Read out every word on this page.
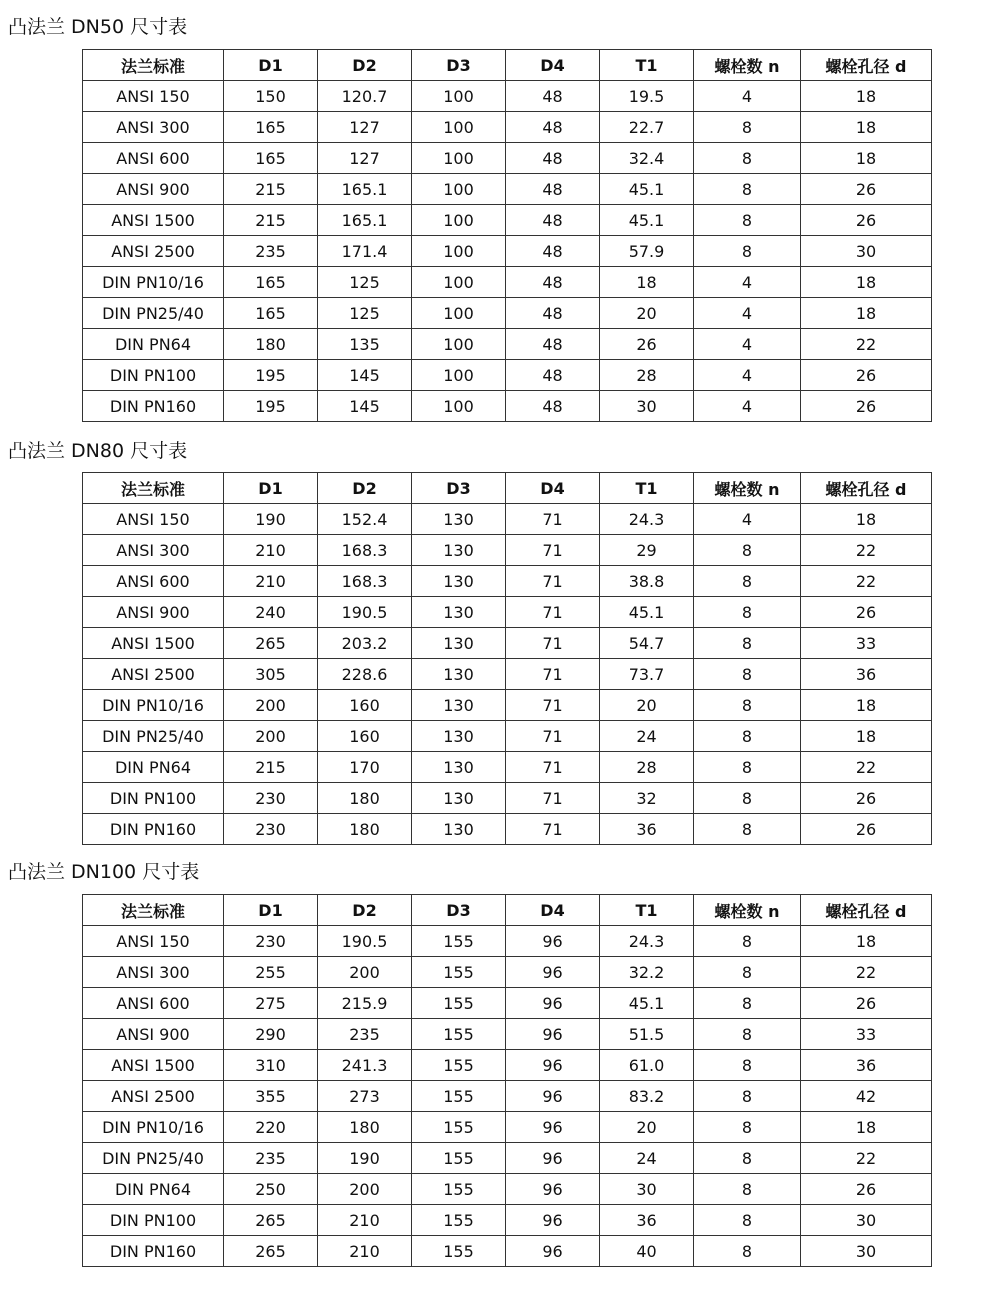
凸法兰 DN50 尺寸表
法兰标准	D1	D2	D3	D4	T1	螺栓数 n	螺栓孔径 d
ANSI 150	150	120.7	100	48	19.5	4	18
ANSI 300	165	127	100	48	22.7	8	18
ANSI 600	165	127	100	48	32.4	8	18
ANSI 900	215	165.1	100	48	45.1	8	26
ANSI 1500	215	165.1	100	48	45.1	8	26
ANSI 2500	235	171.4	100	48	57.9	8	30
DIN PN10/16	165	125	100	48	18	4	18
DIN PN25/40	165	125	100	48	20	4	18
DIN PN64	180	135	100	48	26	4	22
DIN PN100	195	145	100	48	28	4	26
DIN PN160	195	145	100	48	30	4	26
凸法兰 DN80 尺寸表
法兰标准	D1	D2	D3	D4	T1	螺栓数 n	螺栓孔径 d
ANSI 150	190	152.4	130	71	24.3	4	18
ANSI 300	210	168.3	130	71	29	8	22
ANSI 600	210	168.3	130	71	38.8	8	22
ANSI 900	240	190.5	130	71	45.1	8	26
ANSI 1500	265	203.2	130	71	54.7	8	33
ANSI 2500	305	228.6	130	71	73.7	8	36
DIN PN10/16	200	160	130	71	20	8	18
DIN PN25/40	200	160	130	71	24	8	18
DIN PN64	215	170	130	71	28	8	22
DIN PN100	230	180	130	71	32	8	26
DIN PN160	230	180	130	71	36	8	26
凸法兰 DN100 尺寸表
法兰标准	D1	D2	D3	D4	T1	螺栓数 n	螺栓孔径 d
ANSI 150	230	190.5	155	96	24.3	8	18
ANSI 300	255	200	155	96	32.2	8	22
ANSI 600	275	215.9	155	96	45.1	8	26
ANSI 900	290	235	155	96	51.5	8	33
ANSI 1500	310	241.3	155	96	61.0	8	36
ANSI 2500	355	273	155	96	83.2	8	42
DIN PN10/16	220	180	155	96	20	8	18
DIN PN25/40	235	190	155	96	24	8	22
DIN PN64	250	200	155	96	30	8	26
DIN PN100	265	210	155	96	36	8	30
DIN PN160	265	210	155	96	40	8	30
